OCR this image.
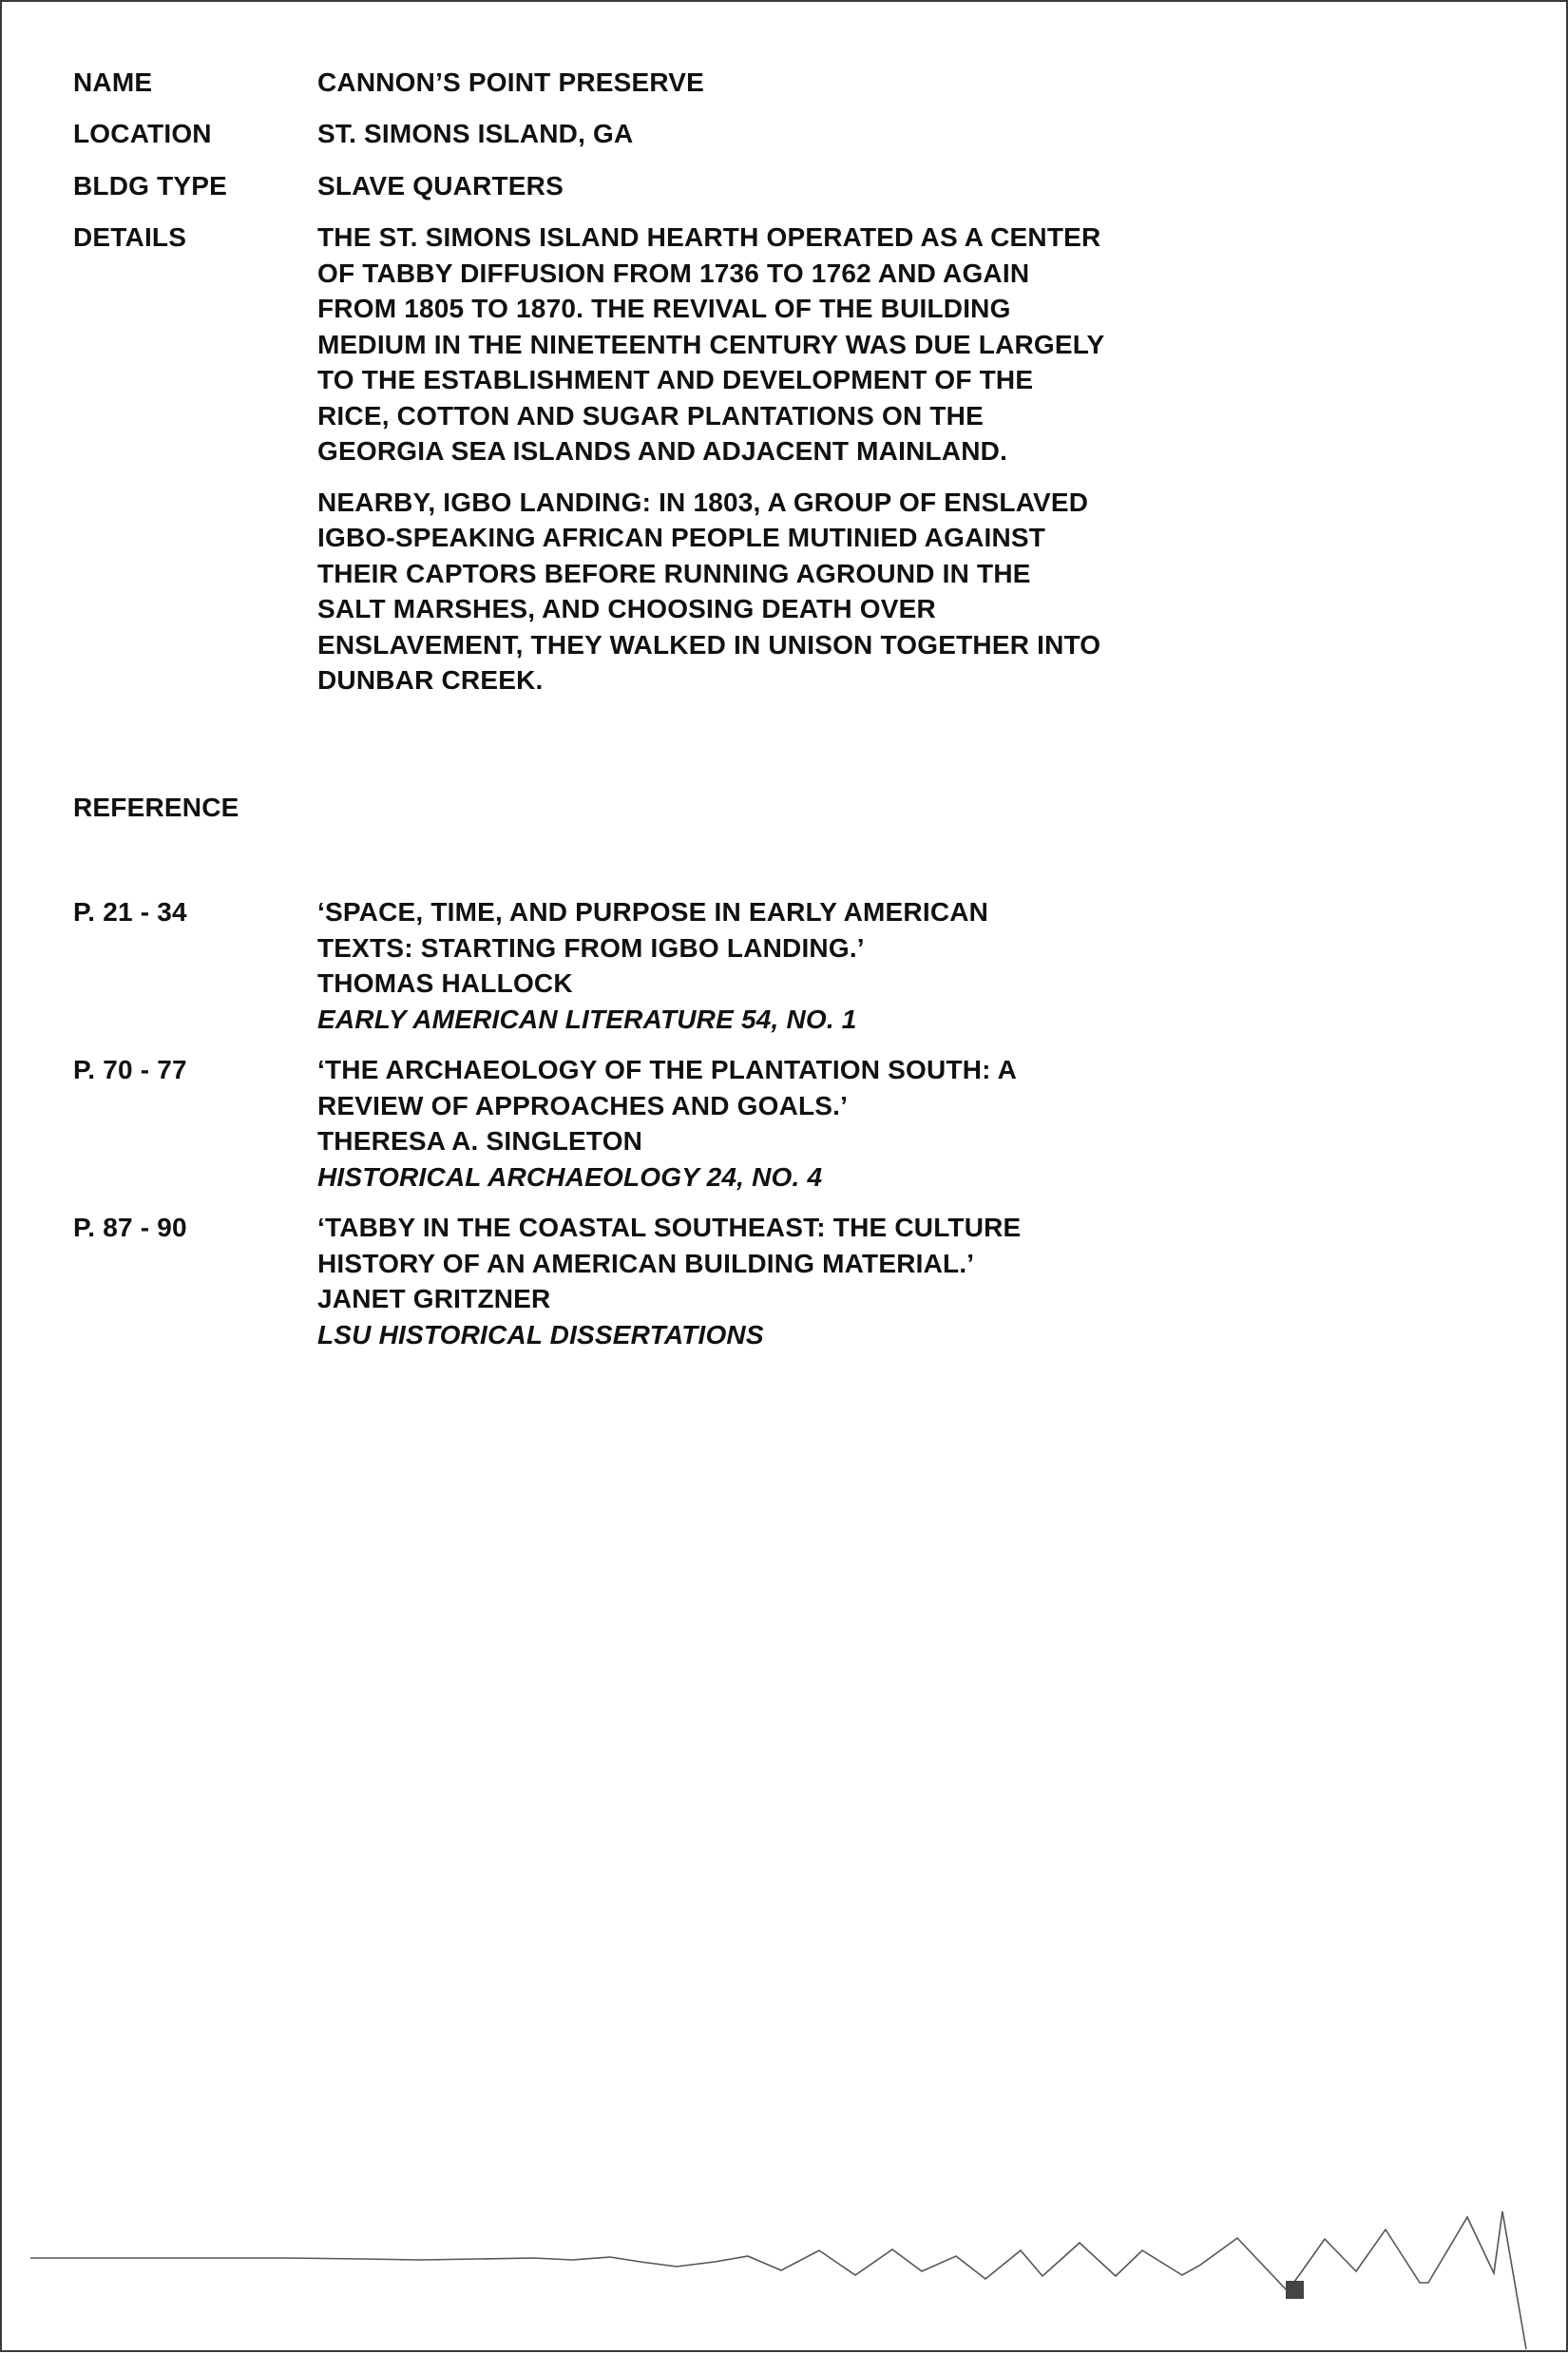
NAME	CANNON’S POINT PRESERVE
LOCATION	ST. SIMONS ISLAND, GA
BLDG TYPE	SLAVE QUARTERS
DETAILS	THE ST. SIMONS ISLAND HEARTH OPERATED AS A CENTER OF TABBY DIFFUSION FROM 1736 TO 1762 AND AGAIN FROM 1805 TO 1870. THE REVIVAL OF THE BUILDING MEDIUM IN THE NINETEENTH CENTURY WAS DUE LARGELY TO THE ESTABLISHMENT AND DEVELOPMENT OF THE RICE, COTTON AND SUGAR PLANTATIONS ON THE GEORGIA SEA ISLANDS AND ADJACENT MAINLAND.

NEARBY, IGBO LANDING: IN 1803, A GROUP OF ENSLAVED IGBO-SPEAKING AFRICAN PEOPLE MUTINIED AGAINST THEIR CAPTORS BEFORE RUNNING AGROUND IN THE SALT MARSHES, AND CHOOSING DEATH OVER ENSLAVEMENT, THEY WALKED IN UNISON TOGETHER INTO DUNBAR CREEK.

REFERENCE
P. 21 - 34	‘SPACE, TIME, AND PURPOSE IN EARLY AMERICAN
TEXTS: STARTING FROM IGBO LANDING.’
THOMAS HALLOCK
EARLY AMERICAN LITERATURE 54, NO. 1
P. 70 - 77	‘THE ARCHAEOLOGY OF THE PLANTATION SOUTH: A
REVIEW OF APPROACHES AND GOALS.’
THERESA A. SINGLETON
HISTORICAL ARCHAEOLOGY 24, NO. 4
P. 87 - 90	‘TABBY IN THE COASTAL SOUTHEAST: THE CULTURE
HISTORY OF AN AMERICAN BUILDING MATERIAL.’
JANET GRITZNER
LSU HISTORICAL DISSERTATIONS
